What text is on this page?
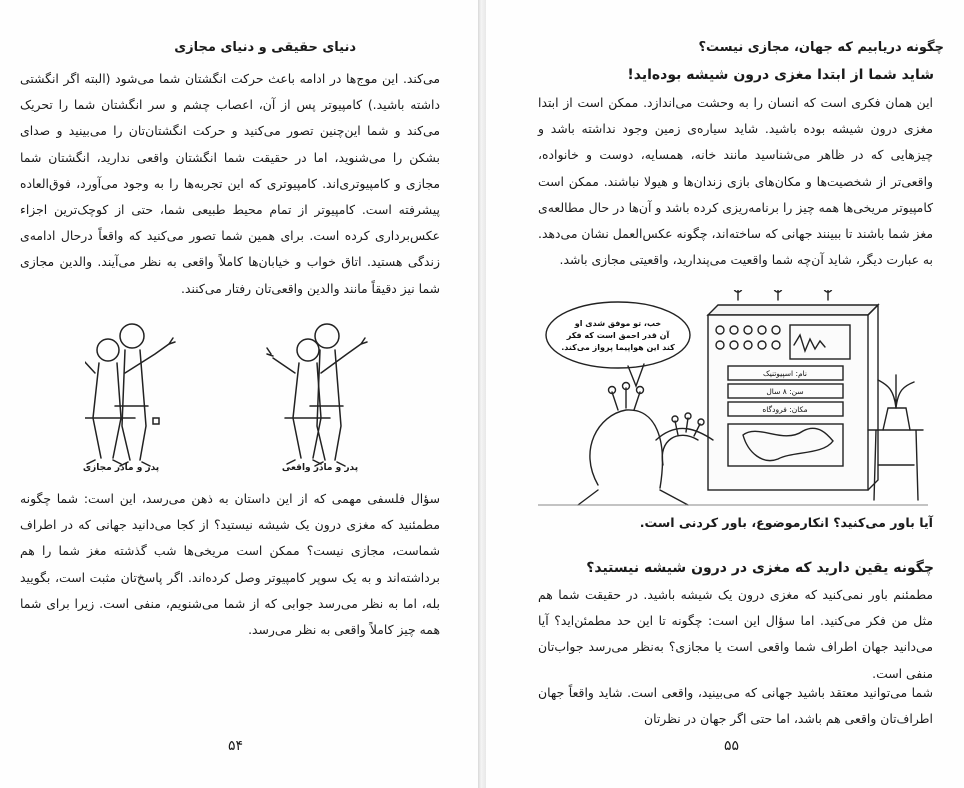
دنیای حقیقی و دنیای مجازی
می‌کند. این موج‌ها در ادامه باعث حرکت انگشتان شما می‌شود (البته اگر انگشتی داشته باشید.) کامپیوتر پس از آن، اعصاب چشم و سر انگشتان شما را تحریک می‌کند و شما این‌چنین تصور می‌کنید و حرکت انگشتان‌تان را می‌بینید و صدای بشکن را می‌شنوید، اما در حقیقت شما انگشتان واقعی ندارید، انگشتان شما مجازی و کامپیوتری‌اند. کامپیوتری که این تجربه‌ها را به وجود می‌آورد، فوق‌العاده پیشرفته است. کامپیوتر از تمام محیط طبیعی شما، حتی از کوچک‌ترین اجزاء عکس‌برداری کرده است. برای همین شما تصور می‌کنید که واقعاً در‌حال ادامه‌ی زندگی هستید. اتاق خواب و خیابان‌ها کاملاً واقعی به نظر می‌آیند. والدین مجازی شما نیز دقیقاً مانند والدین واقعی‌تان رفتار می‌کنند.
پدر و مادر واقعی
پدر و مادر مجازی
سؤال فلسفی مهمی که از این داستان به ذهن می‌رسد، این است: شما چگونه مطمئنید که مغزی درون یک شیشه نیستید؟ از کجا می‌دانید جهانی که در اطراف شماست، مجازی نیست؟ ممکن است مریخی‌ها شب گذشته مغز شما را هم برداشته‌اند و به یک سوپر کامپیوتر وصل کرده‌اند. اگر پاسخ‌تان مثبت است، بگویید بله، اما به نظر می‌رسد جوابی که از شما می‌شنویم، منفی است. زیرا برای شما همه چیز کاملاً واقعی به نظر می‌رسد.
۵۴
چگونه دریابیم که جهان، مجازی نیست؟
شاید شما از ابتدا مغزی درون شیشه بوده‌اید!
این همان فکری است که انسان را به وحشت می‌اندازد. ممکن است از ابتدا مغزی درون شیشه بوده باشید. شاید سیاره‌ی زمین وجود نداشته باشد و چیزهایی که در ظاهر می‌شناسید مانند خانه، همسایه، دوست و خانواده، واقعی‌تر از شخصیت‌ها و مکان‌های بازی زندان‌ها و هیولا نباشند. ممکن است کامپیوتر مریخی‌ها همه چیز را برنامه‌ریزی کرده باشد و آن‌ها در حال مطالعه‌ی مغز شما باشند تا ببینند جهانی که ساخته‌اند، چگونه عکس‌العمل نشان می‌دهد. به عبارت دیگر، شاید آن‌چه شما واقعیت می‌پندارید، واقعیتی مجازی باشد.
خب، تو موفق شدی او
آن قدر احمق است که فکر
کند این هواپیما پرواز می‌کند.
نام: اسپیوتنیک
سن: ۸ سال
مکان: فرودگاه
آیا باور می‌کنید؟ انکارموضوع، باور کردنی است.
چگونه یقین دارید که مغزی در درون شیشه نیستید؟
مطمئنم باور نمی‌کنید که مغزی درون یک شیشه باشید. در حقیقت شما هم مثل من فکر می‌کنید. اما سؤال این است: چگونه تا این حد مطمئن‌اید؟ آیا می‌دانید جهان اطراف شما واقعی است یا مجازی؟ به‌نظر می‌رسد جواب‌تان منفی است.
شما می‌توانید معتقد باشید جهانی که می‌بینید، واقعی است. شاید واقعاً جهان اطراف‌تان واقعی هم باشد، اما حتی اگر جهان در نظرتان
۵۵
